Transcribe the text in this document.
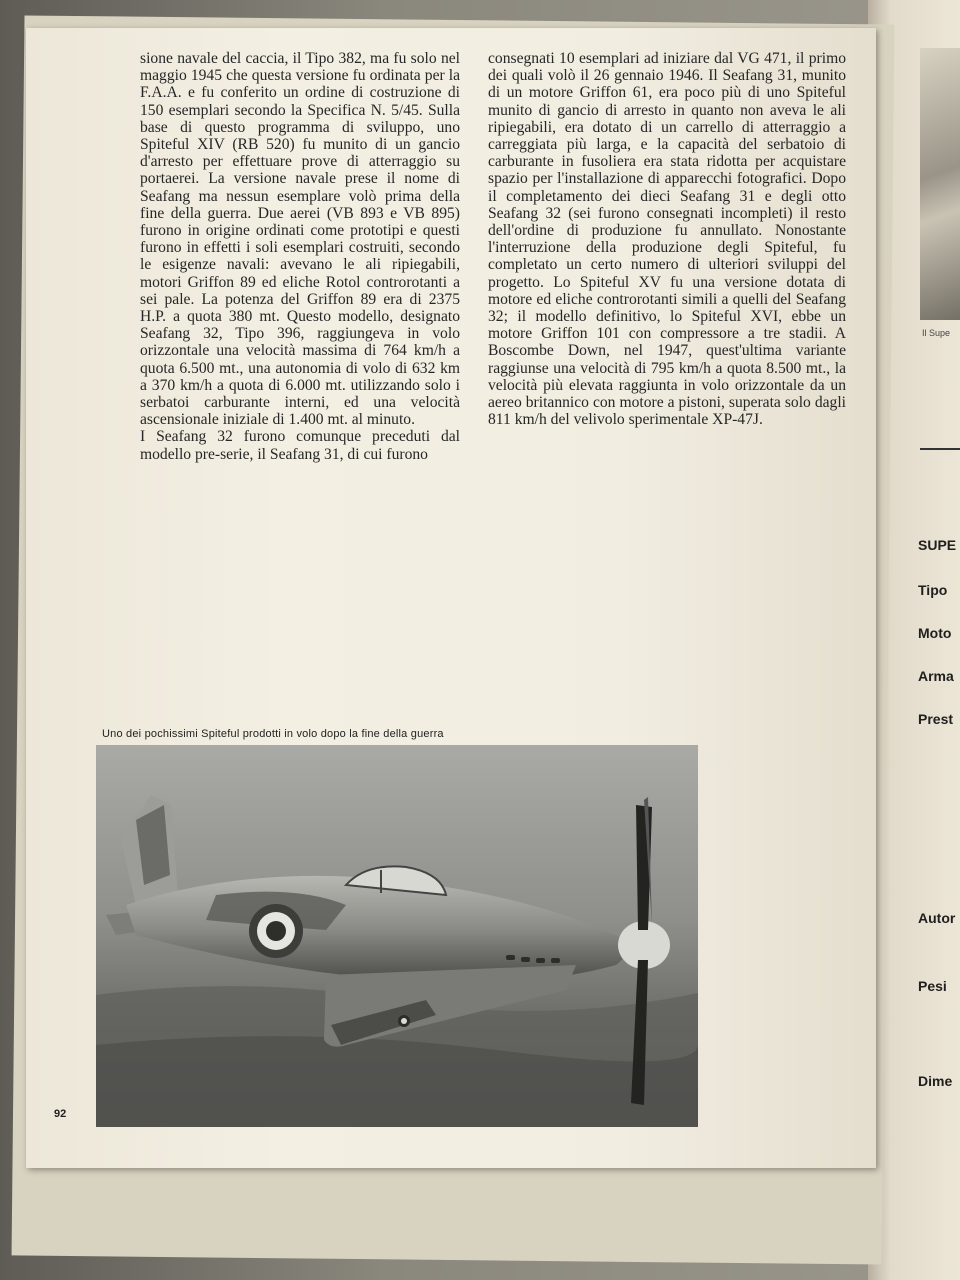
Il Supe
SUPE
Tipo
Moto
Arma
Prest
Autor
Pesi
Dime

sione navale del caccia, il Tipo 382, ma fu solo nel maggio 1945 che questa versione fu ordinata per la F.A.A. e fu conferito un ordine di costruzione di 150 esemplari secondo la Specifica N. 5/45. Sulla base di questo programma di sviluppo, uno Spiteful XIV (RB 520) fu munito di un gancio d'arresto per effettuare prove di atterraggio su portaerei. La versione navale prese il nome di Seafang ma nessun esemplare volò prima della fine della guerra. Due aerei (VB 893 e VB 895) furono in origine ordinati come prototipi e questi furono in effetti i soli esemplari costruiti, secondo le esigenze navali: avevano le ali ripiegabili, motori Griffon 89 ed eliche Rotol controrotanti a sei pale. La potenza del Griffon 89 era di 2375 H.P. a quota 380 mt. Questo modello, designato Seafang 32, Tipo 396, raggiungeva in volo orizzontale una velocità massima di 764 km/h a quota 6.500 mt., una autonomia di volo di 632 km a 370 km/h a quota di 6.000 mt. utilizzando solo i serbatoi carburante interni, ed una velocità ascensionale iniziale di 1.400 mt. al minuto.

I Seafang 32 furono comunque preceduti dal modello pre-serie, il Seafang 31, di cui furono

consegnati 10 esemplari ad iniziare dal VG 471, il primo dei quali volò il 26 gennaio 1946. Il Seafang 31, munito di un motore Griffon 61, era poco più di uno Spiteful munito di gancio di arresto in quanto non aveva le ali ripiegabili, era dotato di un carrello di atterraggio a carreggiata più larga, e la capacità del serbatoio di carburante in fusoliera era stata ridotta per acquistare spazio per l'installazione di apparecchi fotografici. Dopo il completamento dei dieci Seafang 31 e degli otto Seafang 32 (sei furono consegnati incompleti) il resto dell'ordine di produzione fu annullato. Nonostante l'interruzione della produzione degli Spiteful, fu completato un certo numero di ulteriori sviluppi del progetto. Lo Spiteful XV fu una versione dotata di motore ed eliche controrotanti simili a quelli del Seafang 32; il modello definitivo, lo Spiteful XVI, ebbe un motore Griffon 101 con compressore a tre stadii. A Boscombe Down, nel 1947, quest'ultima variante raggiunse una velocità di 795 km/h a quota 8.500 mt., la velocità più elevata raggiunta in volo orizzontale da un aereo britannico con motore a pistoni, superata solo dagli 811 km/h del velivolo sperimentale XP-47J.

Uno dei pochissimi Spiteful prodotti in volo dopo la fine della guerra
92
